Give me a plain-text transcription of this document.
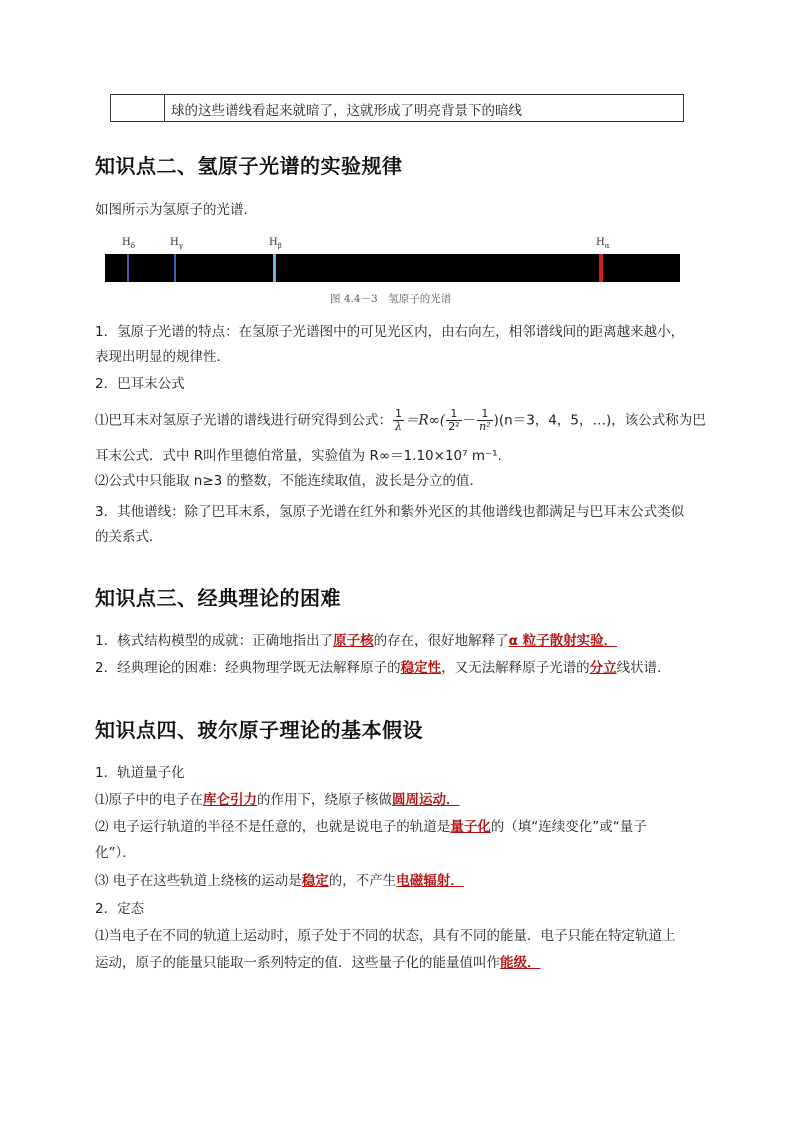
球的这些谱线看起来就暗了，这就形成了明亮背景下的暗线
知识点二、氢原子光谱的实验规律
如图所示为氢原子的光谱．
$H_\delta$	$H_\gamma$	$H_\beta$	$H_\alpha$
图 4.4－3　氢原子的光谱
1．氢原子光谱的特点：在氢原子光谱图中的可见光区内，由右向左，相邻谱线间的距离越来越小，
表现出明显的规律性．
2．巴耳末公式
⑴巴耳末对氢原子光谱的谱线进行研究得到公式： $\frac{1}{\lambda} =R\infty( \frac{1}{\text{2²}} - \frac{1}{\text{n²}} )(n=3$，4，5，…)，该公式称为巴
耳末公式．式中 R叫作里德伯常量，实验值为 R∞＝1.10×10⁷ m⁻¹.
⑵公式中只能取 n≥3 的整数，不能连续取值，波长是分立的值．
3．其他谱线：除了巴耳末系，氢原子光谱在红外和紫外光区的其他谱线也都满足与巴耳末公式类似
的关系式．
知识点三、经典理论的困难
1．核式结构模型的成就：正确地指出了原子核的存在，很好地解释了α 粒子散射实验．
2．经典理论的困难：经典物理学既无法解释原子的稳定性，又无法解释原子光谱的分立线状谱．
知识点四、玻尔原子理论的基本假设
1．轨道量子化
⑴原子中的电子在库仑引力的作用下，绕原子核做圆周运动．
⑵ 电子运行轨道的半径不是任意的，也就是说电子的轨道是量子化的（填“连续变化”或“量子
化”）．
⑶ 电子在这些轨道上绕核的运动是稳定的，不产生电磁辐射．
2．定态
⑴当电子在不同的轨道上运动时，原子处于不同的状态，具有不同的能量．电子只能在特定轨道上
运动，原子的能量只能取一系列特定的值．这些量子化的能量值叫作能级．
